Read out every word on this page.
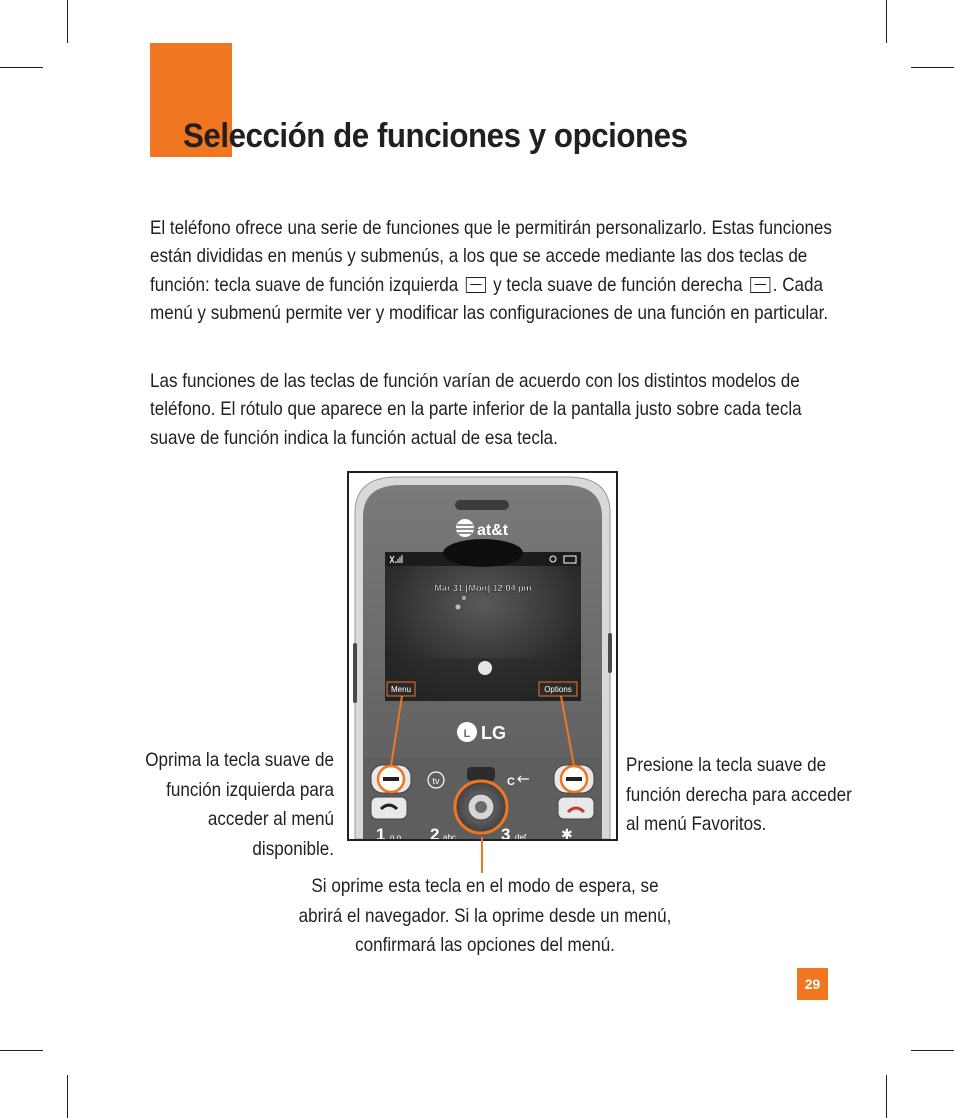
Selección de funciones y opciones
El teléfono ofrece una serie de funciones que le permitirán personalizarlo. Estas funciones están divididas en menús y submenús, a los que se accede mediante las dos teclas de función: tecla suave de función izquierda y tecla suave de función derecha . Cada menú y submenú permite ver y modificar las configuraciones de una función en particular.
Las funciones de las teclas de función varían de acuerdo con los distintos modelos de teléfono. El rótulo que aparece en la parte inferior de la pantalla justo sobre cada tecla suave de función indica la función actual de esa tecla.
at&t
Mar 31 [Mon] 12:04 pm
Menu	Options
L LG
tv	C
1 o.o 2 abc	3 def ✱
Oprima la tecla suave de función izquierda para acceder al menú disponible.
Presione la tecla suave de función derecha para acceder al menú Favoritos.
Si oprime esta tecla en el modo de espera, se abrirá el navegador. Si la oprime desde un menú, confirmará las opciones del menú.
29
